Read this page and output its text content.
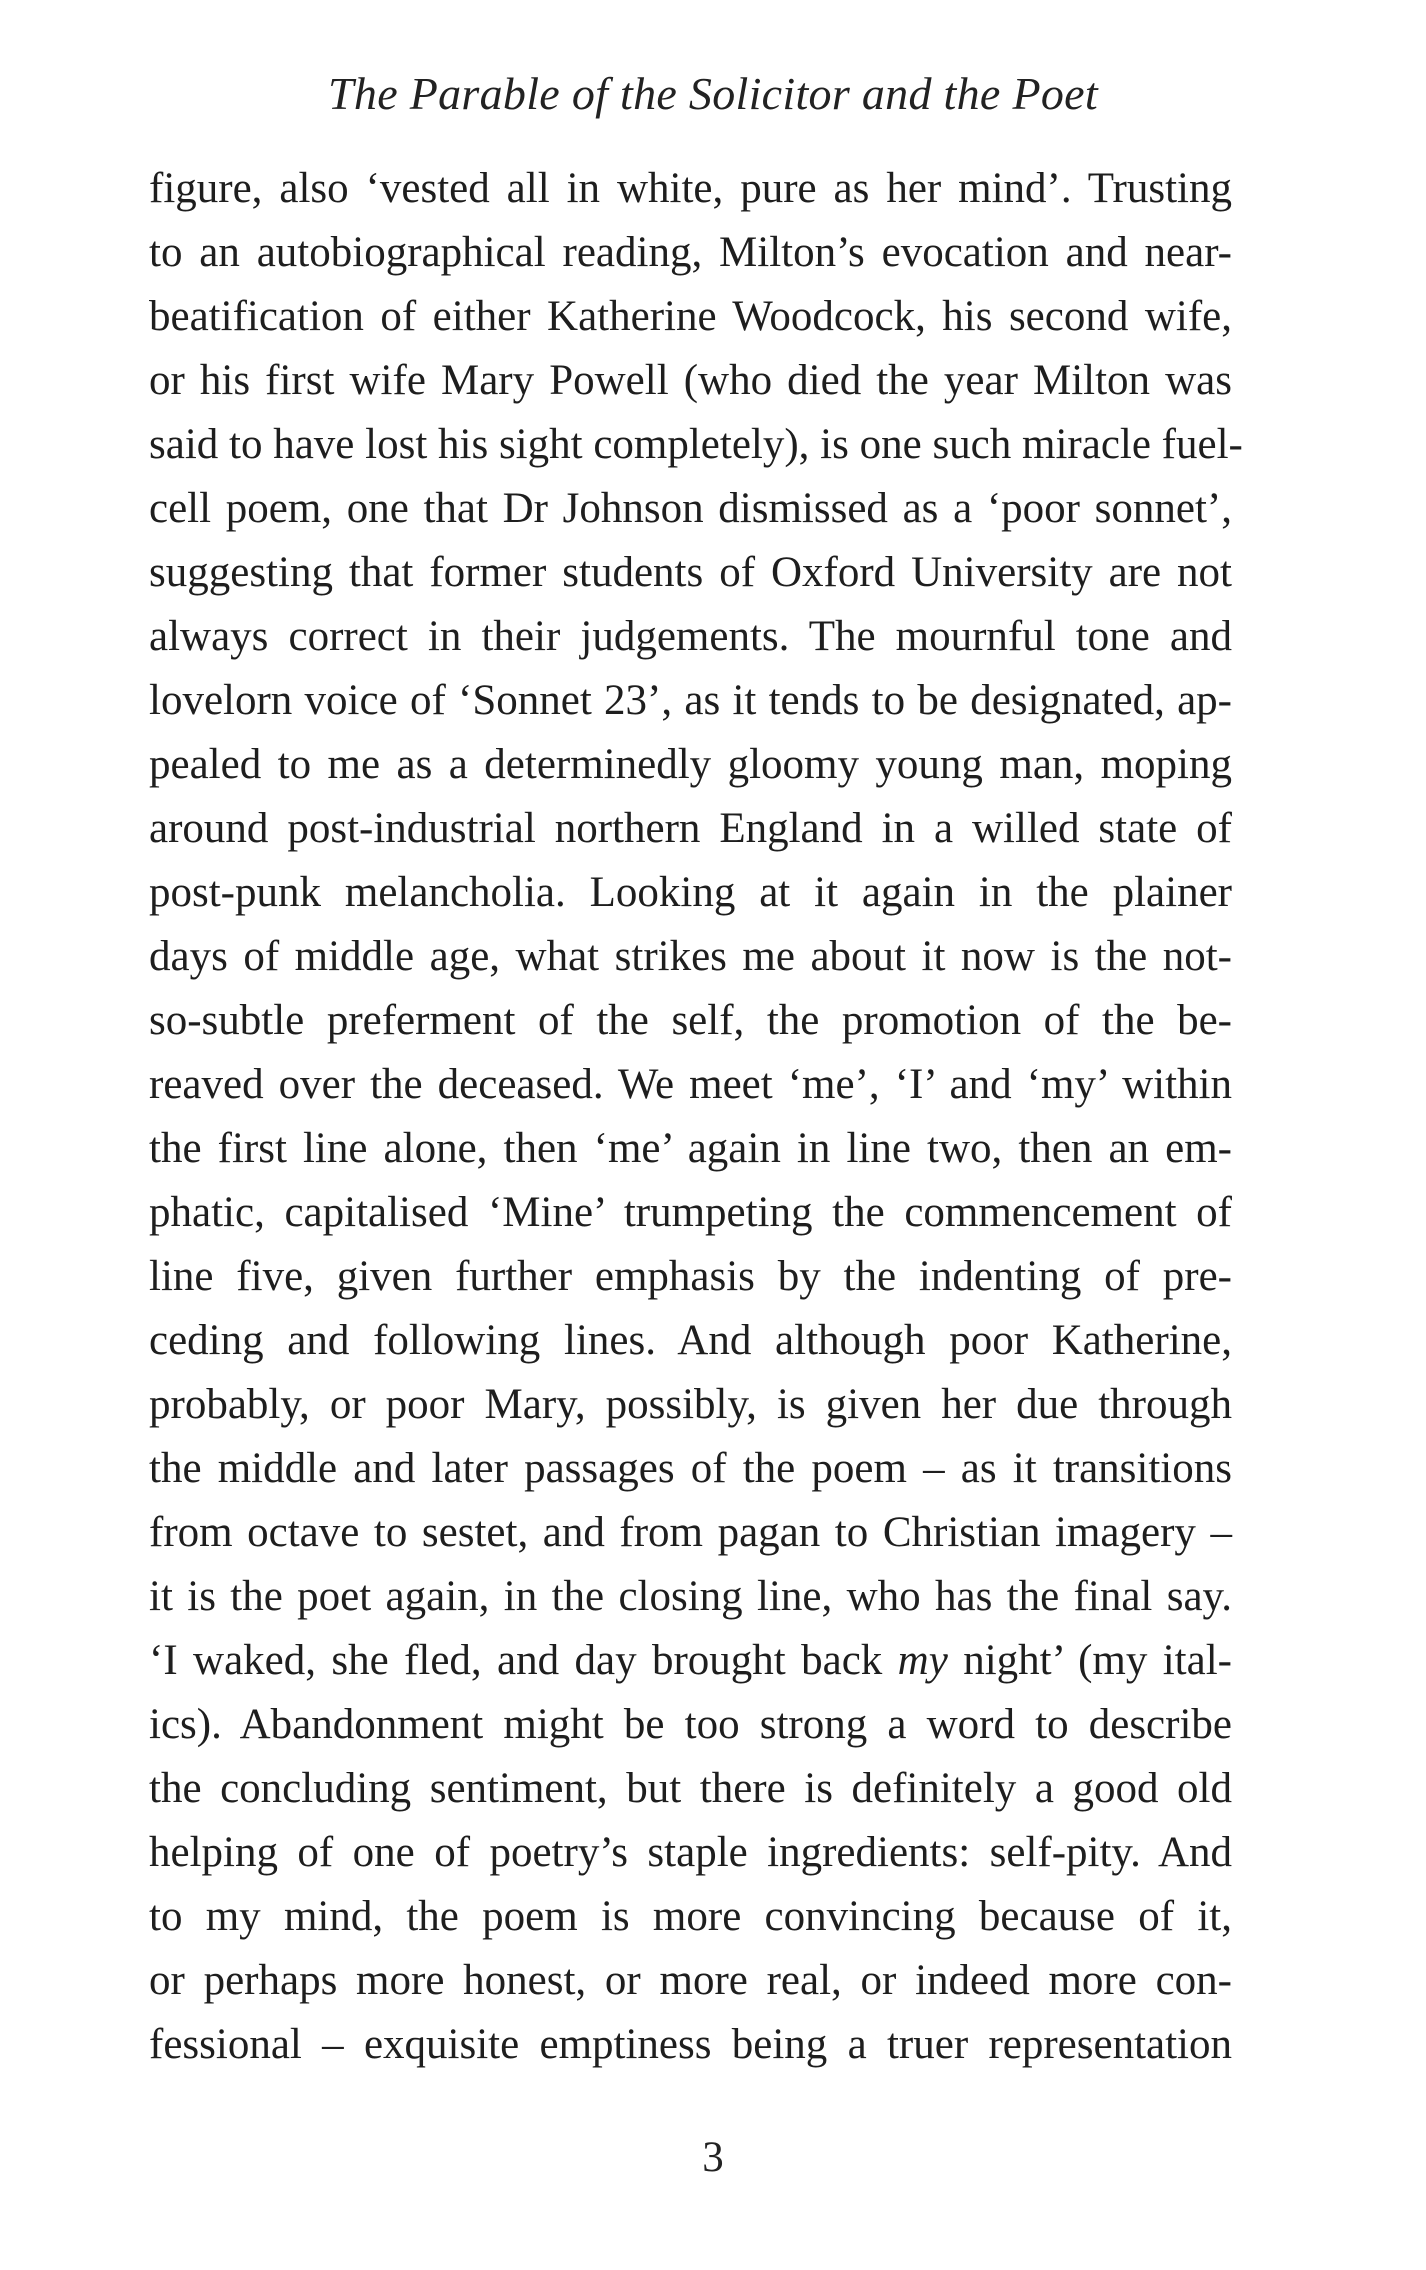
The Parable of the Solicitor and the Poet
figure, also ‘vested all in white, pure as her mind’. Trusting
to an autobiographical reading, Milton’s evocation and near-
beatification of either Katherine Woodcock, his second wife,
or his first wife Mary Powell (who died the year Milton was
said to have lost his sight completely), is one such miracle fuel-
cell poem, one that Dr Johnson dismissed as a ‘poor sonnet’,
suggesting that former students of Oxford University are not
always correct in their judgements. The mournful tone and
lovelorn voice of ‘Sonnet 23’, as it tends to be designated, ap-
pealed to me as a determinedly gloomy young man, moping
around post-industrial northern England in a willed state of
post-punk melancholia. Looking at it again in the plainer
days of middle age, what strikes me about it now is the not-
so-subtle preferment of the self, the promotion of the be-
reaved over the deceased. We meet ‘me’, ‘I’ and ‘my’ within
the first line alone, then ‘me’ again in line two, then an em-
phatic, capitalised ‘Mine’ trumpeting the commencement of
line five, given further emphasis by the indenting of pre-
ceding and following lines. And although poor Katherine,
probably, or poor Mary, possibly, is given her due through
the middle and later passages of the poem – as it transitions
from octave to sestet, and from pagan to Christian imagery –
it is the poet again, in the closing line, who has the final say.
‘I waked, she fled, and day brought back my night’ (my ital-
ics). Abandonment might be too strong a word to describe
the concluding sentiment, but there is definitely a good old
helping of one of poetry’s staple ingredients: self-pity. And
to my mind, the poem is more convincing because of it,
or perhaps more honest, or more real, or indeed more con-
fessional – exquisite emptiness being a truer representation
3
